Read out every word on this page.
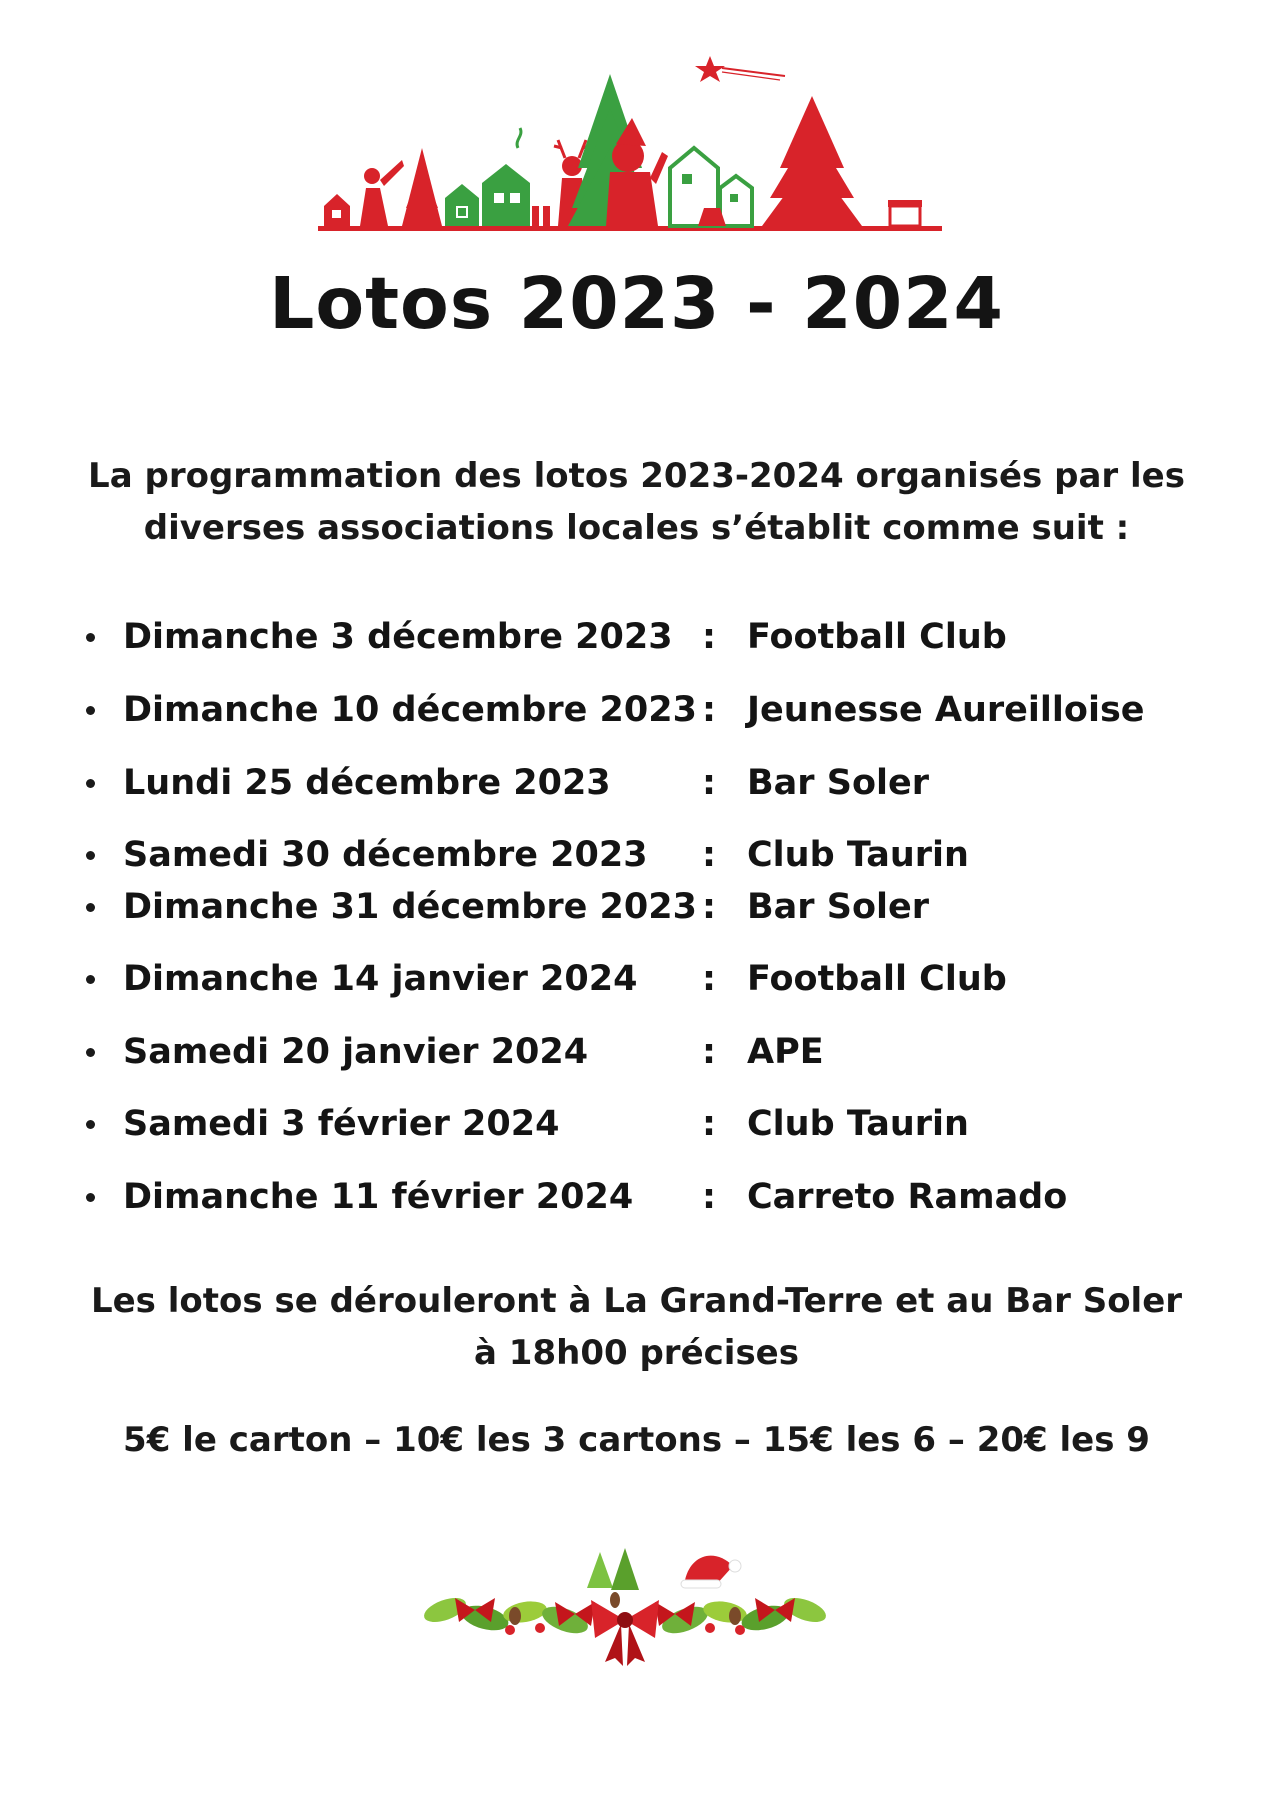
Lotos 2023 - 2024
La programmation des lotos 2023-2024 organisés par les
diverses associations locales s’établit comme suit :
Dimanche 3 décembre 2023 : Football Club
Dimanche 10 décembre 2023 : Jeunesse Aureilloise
Lundi 25 décembre 2023	: Bar Soler
Samedi 30 décembre 2023 : Club Taurin
Dimanche 31 décembre 2023 : Bar Soler
Dimanche 14 janvier 2024 : Football Club
Samedi 20 janvier 2024	: APE
Samedi 3 février 2024	: Club Taurin
Dimanche 11 février 2024 : Carreto Ramado
Les lotos se dérouleront à La Grand-Terre et au Bar Soler
à 18h00 précises
5€ le carton – 10€ les 3 cartons – 15€ les 6 – 20€ les 9
